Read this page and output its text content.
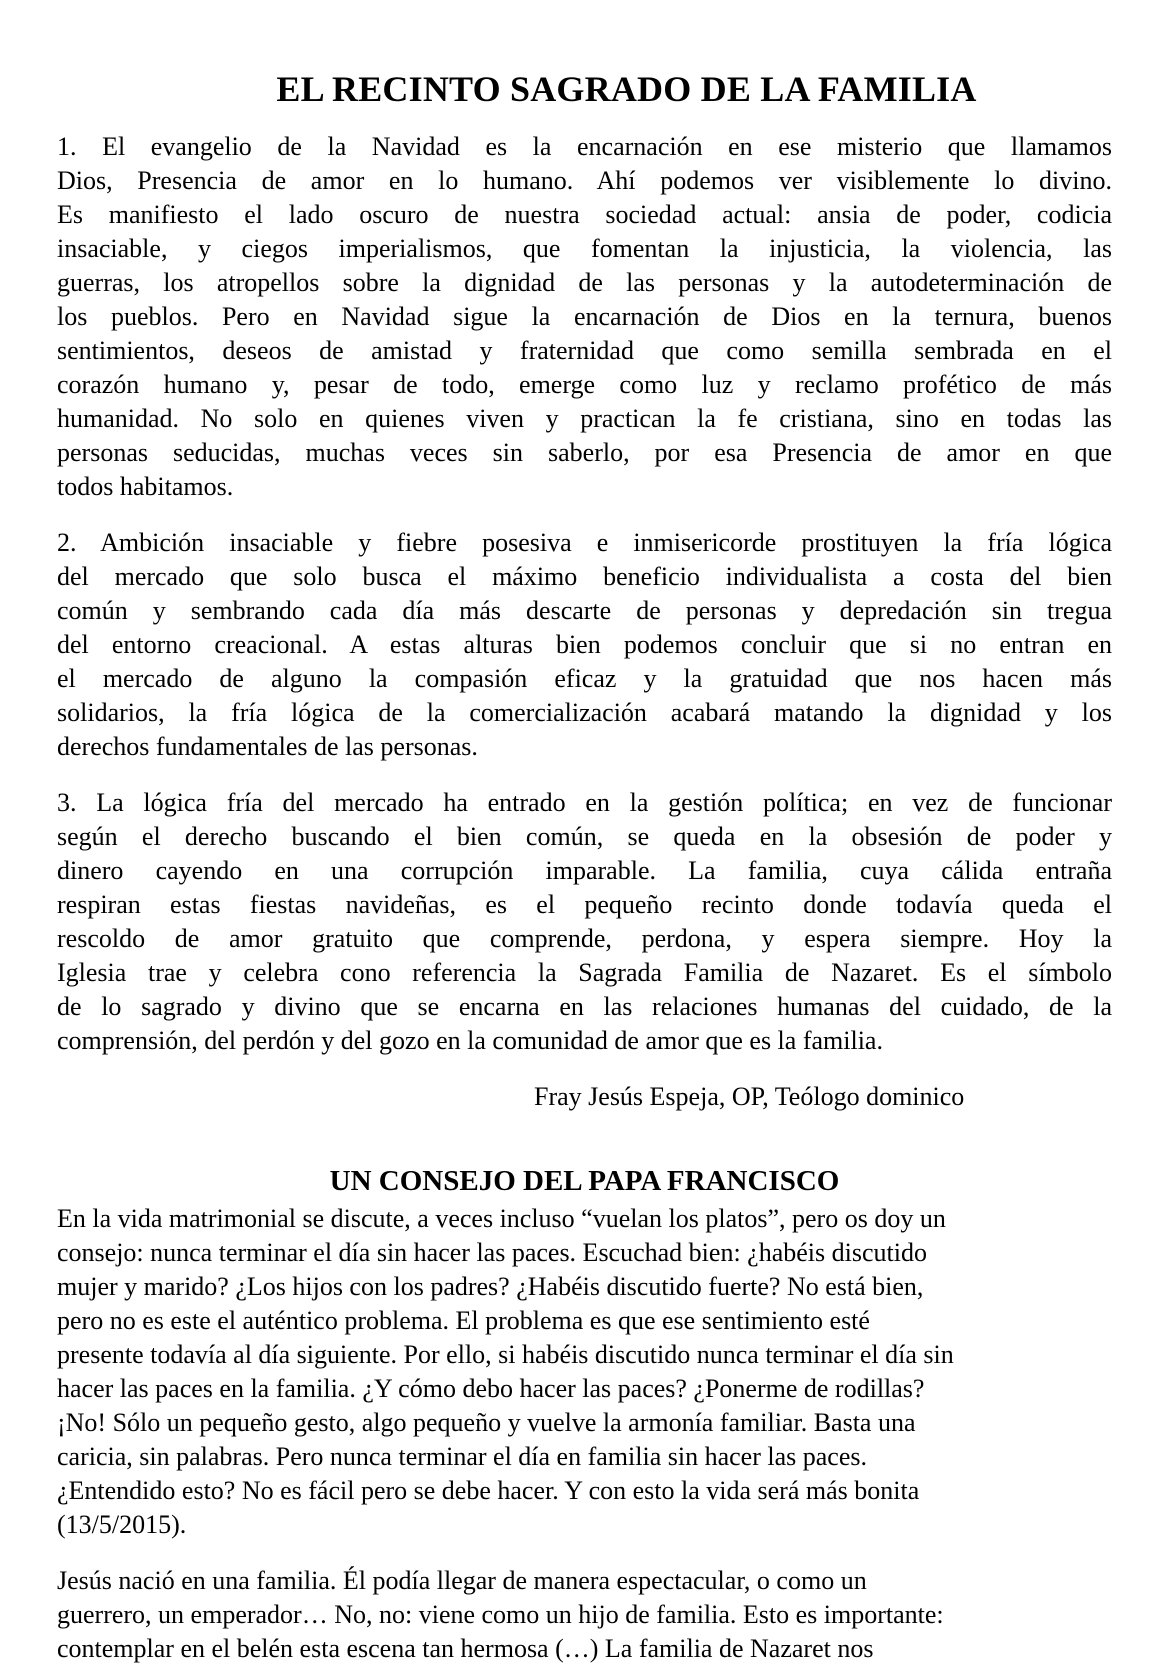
EL RECINTO SAGRADO DE LA FAMILIA
1. El evangelio de la Navidad es la encarnación en ese misterio que llamamos
Dios, Presencia de amor en lo humano. Ahí podemos ver visiblemente lo divino.
Es manifiesto el lado oscuro de nuestra sociedad actual: ansia de poder, codicia
insaciable, y ciegos imperialismos, que fomentan la injusticia, la violencia, las
guerras, los atropellos sobre la dignidad de las personas y la autodeterminación de
los pueblos. Pero en Navidad sigue la encarnación de Dios en la ternura, buenos
sentimientos, deseos de amistad y fraternidad que como semilla sembrada en el
corazón humano y, pesar de todo, emerge como luz y reclamo profético de más
humanidad. No solo en quienes viven y practican la fe cristiana, sino en todas las
personas seducidas, muchas veces sin saberlo, por esa Presencia de amor en que
todos habitamos.
2. Ambición insaciable y fiebre posesiva e inmisericorde prostituyen la fría lógica
del mercado que solo busca el máximo beneficio individualista a costa del bien
común y sembrando cada día más descarte de personas y depredación sin tregua
del entorno creacional. A estas alturas bien podemos concluir que si no entran en
el mercado de alguno la compasión eficaz y la gratuidad que nos hacen más
solidarios, la fría lógica de la comercialización acabará matando la dignidad y los
derechos fundamentales de las personas.
3. La lógica fría del mercado ha entrado en la gestión política; en vez de funcionar
según el derecho buscando el bien común, se queda en la obsesión de poder y
dinero cayendo en una corrupción imparable. La familia, cuya cálida entraña
respiran estas fiestas navideñas, es el pequeño recinto donde todavía queda el
rescoldo de amor gratuito que comprende, perdona, y espera siempre. Hoy la
Iglesia trae y celebra cono referencia la Sagrada Familia de Nazaret. Es el símbolo
de lo sagrado y divino que se encarna en las relaciones humanas del cuidado, de la
comprensión, del perdón y del gozo en la comunidad de amor que es la familia.
Fray Jesús Espeja, OP, Teólogo dominico
UN CONSEJO DEL PAPA FRANCISCO
En la vida matrimonial se discute, a veces incluso “vuelan los platos”, pero os doy un
consejo: nunca terminar el día sin hacer las paces. Escuchad bien: ¿habéis discutido
mujer y marido? ¿Los hijos con los padres? ¿Habéis discutido fuerte? No está bien,
pero no es este el auténtico problema. El problema es que ese sentimiento esté
presente todavía al día siguiente. Por ello, si habéis discutido nunca terminar el día sin
hacer las paces en la familia. ¿Y cómo debo hacer las paces? ¿Ponerme de rodillas?
¡No! Sólo un pequeño gesto, algo pequeño y vuelve la armonía familiar. Basta una
caricia, sin palabras. Pero nunca terminar el día en familia sin hacer las paces.
¿Entendido esto? No es fácil pero se debe hacer. Y con esto la vida será más bonita
(13/5/2015).
Jesús nació en una familia. Él podía llegar de manera espectacular, o como un
guerrero, un emperador… No, no: viene como un hijo de familia. Esto es importante:
contemplar en el belén esta escena tan hermosa (…) La familia de Nazaret nos
